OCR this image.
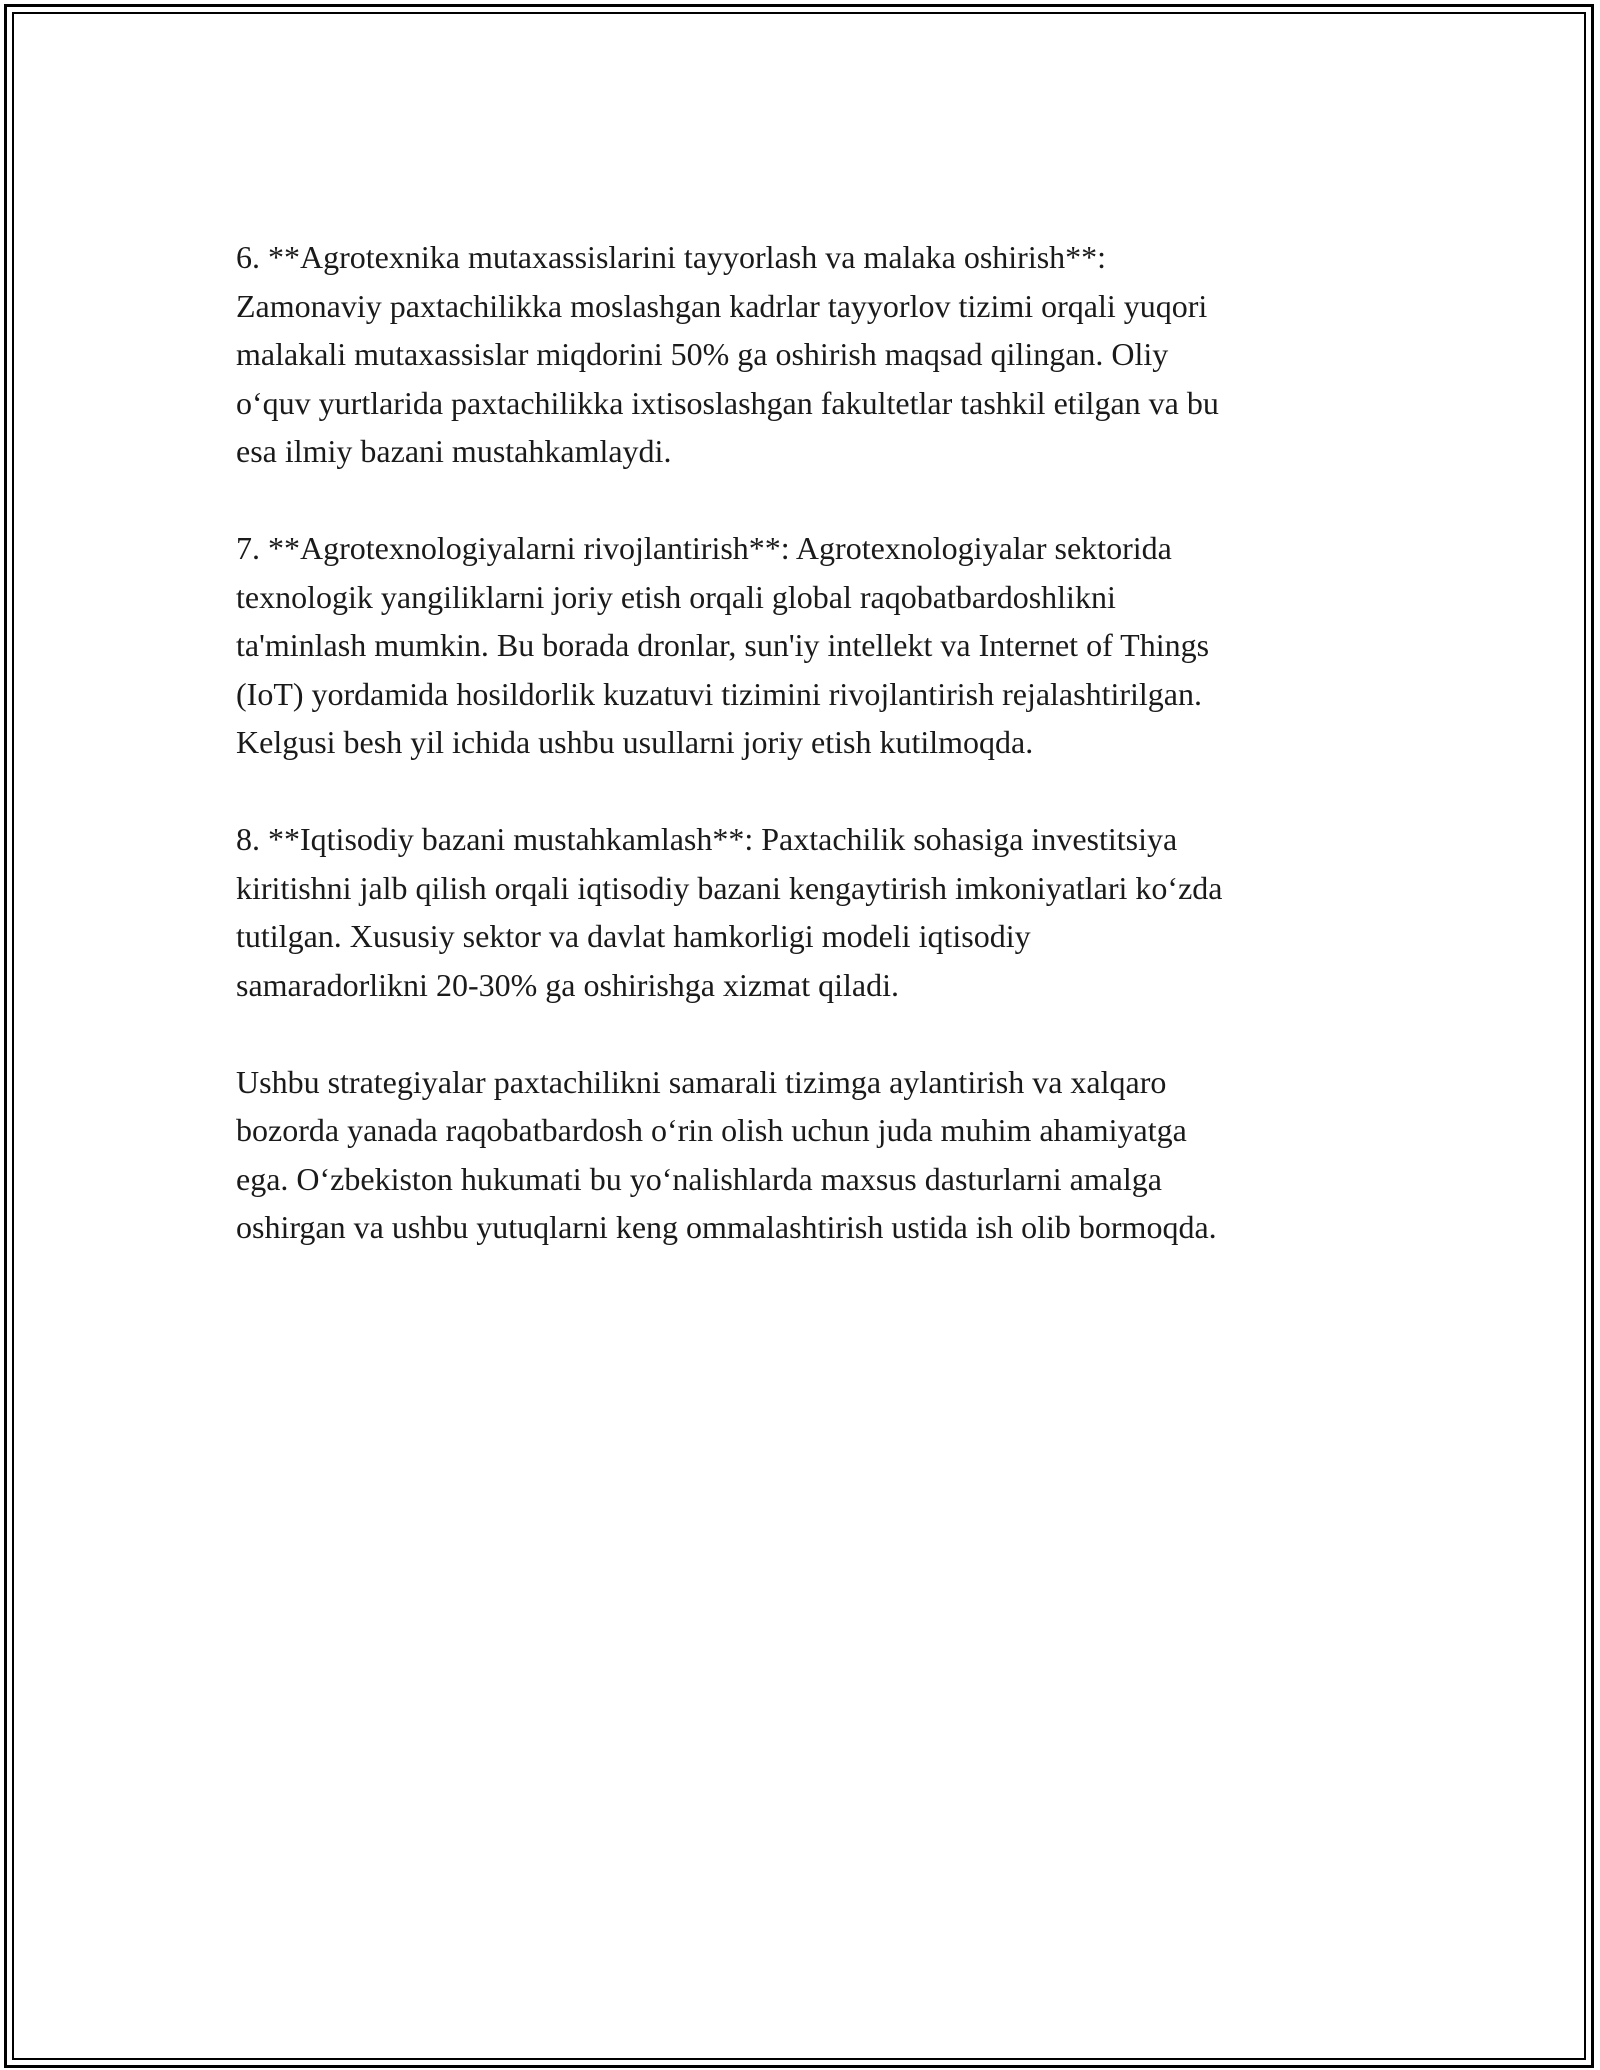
6. **Agrotexnika mutaxassislarini tayyorlash va malaka oshirish**:
Zamonaviy paxtachilikka moslashgan kadrlar tayyorlov tizimi orqali yuqori
malakali mutaxassislar miqdorini 50% ga oshirish maqsad qilingan. Oliy
o‘quv yurtlarida paxtachilikka ixtisoslashgan fakultetlar tashkil etilgan va bu
esa ilmiy bazani mustahkamlaydi.

7. **Agrotexnologiyalarni rivojlantirish**: Agrotexnologiyalar sektorida
texnologik yangiliklarni joriy etish orqali global raqobatbardoshlikni
ta'minlash mumkin. Bu borada dronlar, sun'iy intellekt va Internet of Things
(IoT) yordamida hosildorlik kuzatuvi tizimini rivojlantirish rejalashtirilgan.
Kelgusi besh yil ichida ushbu usullarni joriy etish kutilmoqda.

8. **Iqtisodiy bazani mustahkamlash**: Paxtachilik sohasiga investitsiya
kiritishni jalb qilish orqali iqtisodiy bazani kengaytirish imkoniyatlari ko‘zda
tutilgan. Xususiy sektor va davlat hamkorligi modeli iqtisodiy
samaradorlikni 20-30% ga oshirishga xizmat qiladi.

Ushbu strategiyalar paxtachilikni samarali tizimga aylantirish va xalqaro
bozorda yanada raqobatbardosh o‘rin olish uchun juda muhim ahamiyatga
ega. O‘zbekiston hukumati bu yo‘nalishlarda maxsus dasturlarni amalga
oshirgan va ushbu yutuqlarni keng ommalashtirish ustida ish olib bormoqda.
